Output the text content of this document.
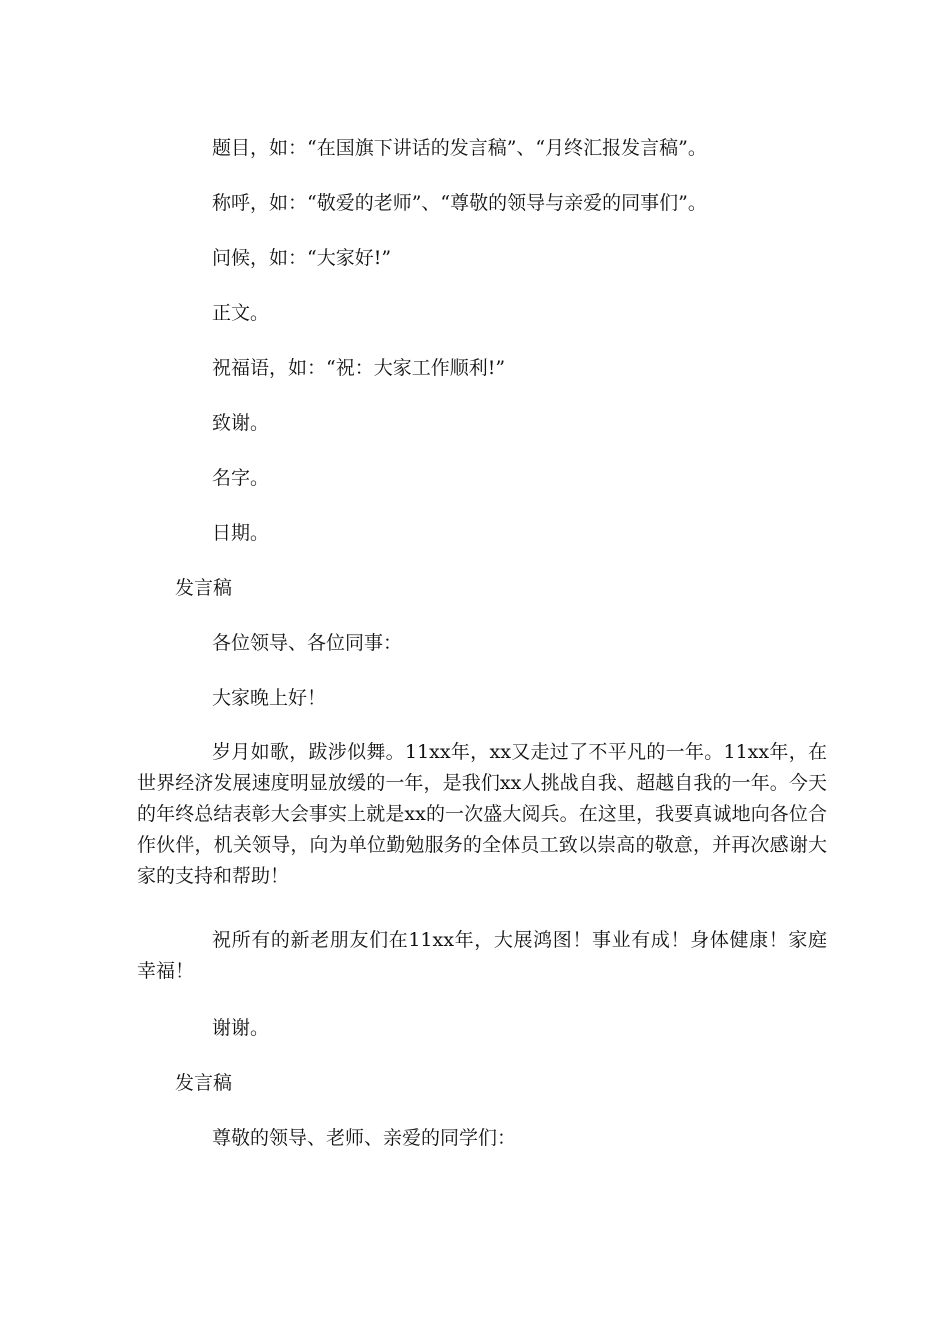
题目，如：“在国旗下讲话的发言稿”、“月终汇报发言稿”。

称呼，如：“敬爱的老师”、“尊敬的领导与亲爱的同事们”。

问候，如：“大家好!”

正文。

祝福语，如：“祝：大家工作顺利!”

致谢。

名字。

日期。

发言稿

各位领导、各位同事：

大家晚上好！

岁月如歌，跋涉似舞。11xx年，xx又走过了不平凡的一年。11xx年，在世界经济发展速度明显放缓的一年，是我们xx人挑战自我、超越自我的一年。今天的年终总结表彰大会事实上就是xx的一次盛大阅兵。在这里，我要真诚地向各位合作伙伴，机关领导，向为单位勤勉服务的全体员工致以崇高的敬意，并再次感谢大家的支持和帮助！

祝所有的新老朋友们在11xx年，大展鸿图！事业有成！身体健康！家庭幸福！

谢谢。

发言稿

尊敬的领导、老师、亲爱的同学们：
